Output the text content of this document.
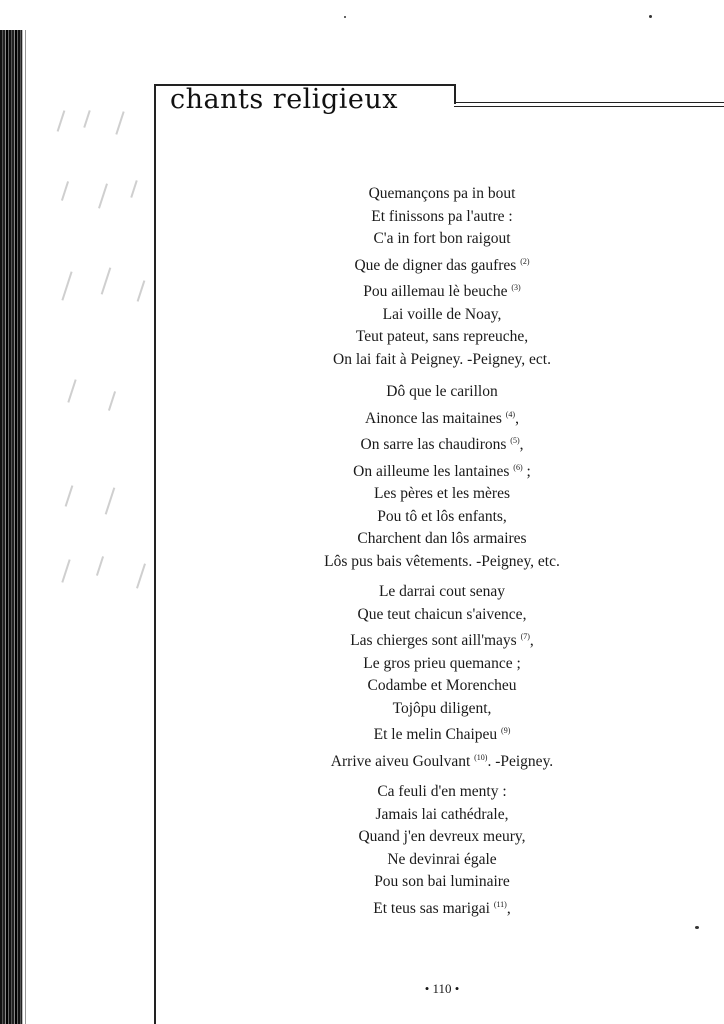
chants religieux
Quemançons pa in bout
Et finissons pa l'autre :
C'a in fort bon raigout
Que de digner das gaufres $^{(2)}$
Pou aillemau lè beuche $^{(3)}$
Lai voille de Noay,
Teut pateut, sans repreuche,
On lai fait à Peigney. -Peigney, ect.
Dô que le carillon
Ainonce las maitaines $^{(4)}$,
On sarre las chaudirons $^{(5)}$,
On ailleume les lantaines $^{(6)}$ ;
Les pères et les mères
Pou tô et lôs enfants,
Charchent dan lôs armaires
Lôs pus bais vêtements. -Peigney, etc.
Le darrai cout senay
Que teut chaicun s'aivence,
Las chierges sont aill'mays $^{(7)}$,
Le gros prieu quemance ;
Codambe et Morencheu
Tojôpu diligent,
Et le melin Chaipeu $^{(9)}$
Arrive aiveu Goulvant $^{(10)}$. -Peigney.
Ca feuli d'en menty :
Jamais lai cathédrale,
Quand j'en devreux meury,
Ne devinrai égale
Pou son bai luminaire
Et teus sas marigai $^{(11)}$,
• 110 •
